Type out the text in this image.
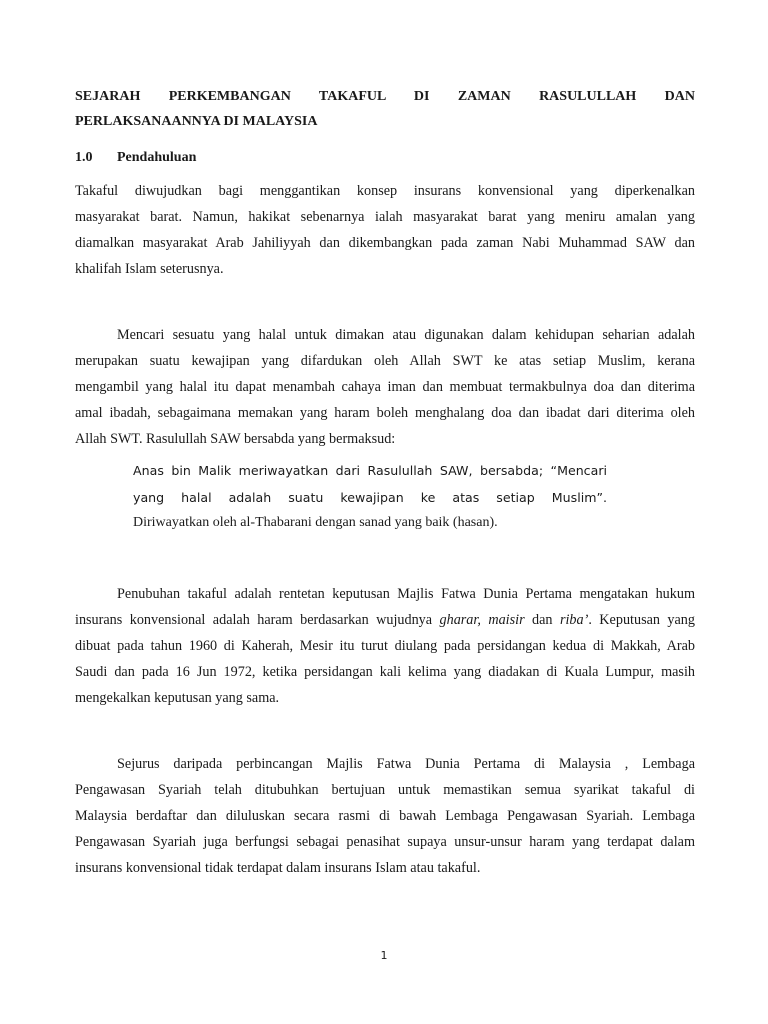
SEJARAH PERKEMBANGAN TAKAFUL DI ZAMAN RASULULLAH DAN
PERLAKSANAANNYA DI MALAYSIA
1.0 Pendahuluan
Takaful diwujudkan bagi menggantikan konsep insurans konvensional yang diperkenalkan
masyarakat barat. Namun, hakikat sebenarnya ialah masyarakat barat yang meniru amalan yang
diamalkan masyarakat Arab Jahiliyyah dan dikembangkan pada zaman Nabi Muhammad SAW dan
khalifah Islam seterusnya.
Mencari sesuatu yang halal untuk dimakan atau digunakan dalam kehidupan seharian adalah
merupakan suatu kewajipan yang difardukan oleh Allah SWT ke atas setiap Muslim, kerana
mengambil yang halal itu dapat menambah cahaya iman dan membuat termakbulnya doa dan diterima
amal ibadah, sebagaimana memakan yang haram boleh menghalang doa dan ibadat dari diterima oleh
Allah SWT. Rasulullah SAW bersabda yang bermaksud:
Anas bin Malik meriwayatkan dari Rasulullah SAW, bersabda; “Mencari
yang halal adalah suatu kewajipan ke atas setiap Muslim”.
Diriwayatkan oleh al-Thabarani dengan sanad yang baik (hasan).
Penubuhan takaful adalah rentetan keputusan Majlis Fatwa Dunia Pertama mengatakan hukum
insurans konvensional adalah haram berdasarkan wujudnya gharar, maisir dan riba’. Keputusan yang
dibuat pada tahun 1960 di Kaherah, Mesir itu turut diulang pada persidangan kedua di Makkah, Arab
Saudi dan pada 16 Jun 1972, ketika persidangan kali kelima yang diadakan di Kuala Lumpur, masih
mengekalkan keputusan yang sama.
Sejurus daripada perbincangan Majlis Fatwa Dunia Pertama di Malaysia , Lembaga
Pengawasan Syariah telah ditubuhkan bertujuan untuk memastikan semua syarikat takaful di
Malaysia berdaftar dan diluluskan secara rasmi di bawah Lembaga Pengawasan Syariah. Lembaga
Pengawasan Syariah juga berfungsi sebagai penasihat supaya unsur-unsur haram yang terdapat dalam
insurans konvensional tidak terdapat dalam insurans Islam atau takaful.
1
